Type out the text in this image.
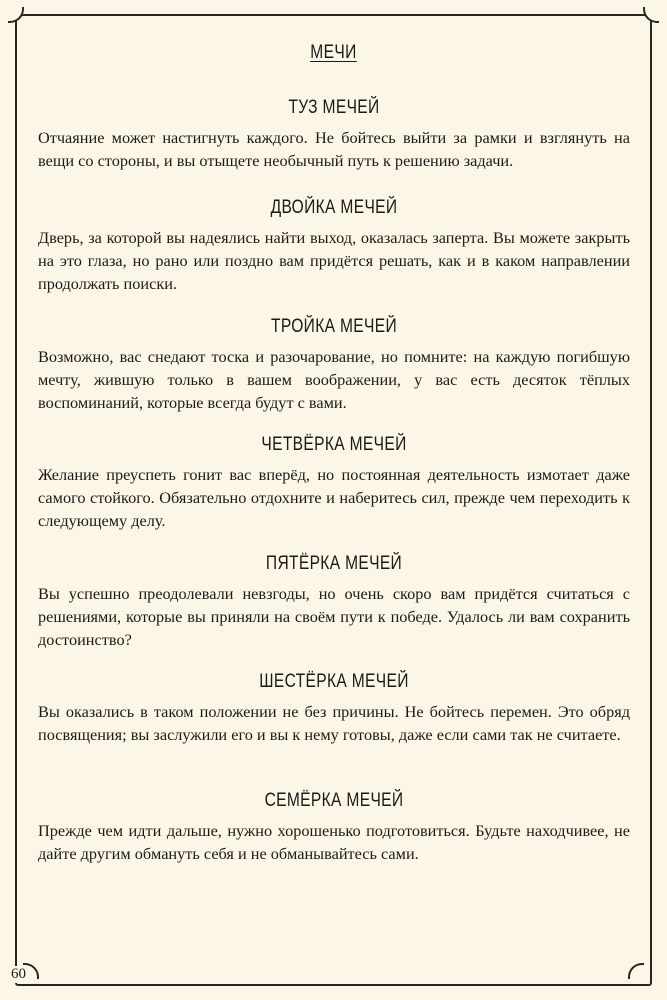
МЕЧИ
ТУЗ МЕЧЕЙ

Отчаяние может настигнуть каждого. Не бойтесь выйти за рамки и взглянуть на вещи со стороны, и вы отыщете необычный путь к решению задачи.

ДВОЙКА МЕЧЕЙ

Дверь, за которой вы надеялись найти выход, оказалась заперта. Вы можете закрыть на это глаза, но рано или поздно вам придётся решать, как и в каком направлении продолжать поиски.

ТРОЙКА МЕЧЕЙ

Возможно, вас снедают тоска и разочарование, но помните: на каждую погибшую мечту, жившую только в вашем воображении, у вас есть десяток тёплых воспоминаний, которые всегда будут с вами.

ЧЕТВЁРКА МЕЧЕЙ

Желание преуспеть гонит вас вперёд, но постоянная деятельность измотает даже самого стойкого. Обязательно отдохните и наберитесь сил, прежде чем переходить к следующему делу.

ПЯТЁРКА МЕЧЕЙ

Вы успешно преодолевали невзгоды, но очень скоро вам придётся считаться с решениями, которые вы приняли на своём пути к победе. Удалось ли вам сохранить достоинство?

ШЕСТЁРКА МЕЧЕЙ

Вы оказались в таком положении не без причины. Не бойтесь перемен. Это обряд посвящения; вы заслужили его и вы к нему готовы, даже если сами так не считаете.

СЕМЁРКА МЕЧЕЙ

Прежде чем идти дальше, нужно хорошенько подготовиться. Будьте находчивее, не дайте другим обмануть себя и не обманывайтесь сами.

60
